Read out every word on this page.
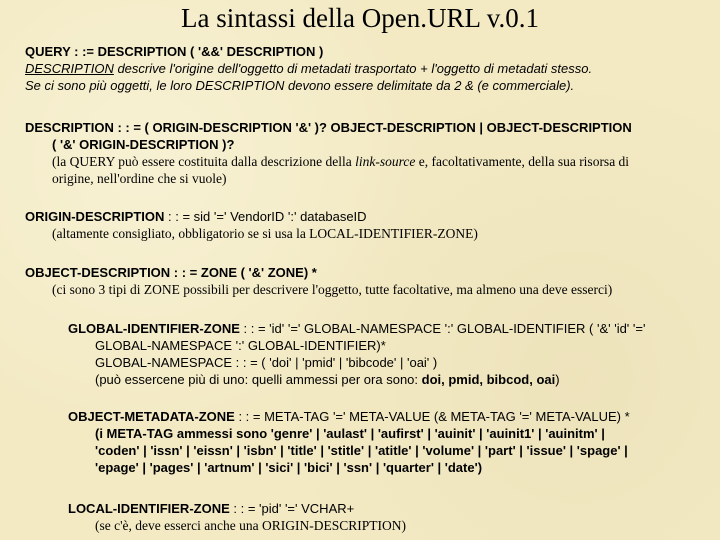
La sintassi della Open.URL v.0.1
QUERY : := DESCRIPTION ( '&&' DESCRIPTION )
DESCRIPTION descrive l'origine dell'oggetto di metadati trasportato + l'oggetto di metadati stesso.
Se ci sono più oggetti, le loro DESCRIPTION devono essere delimitate da 2 & (e commerciale).
DESCRIPTION : : = ( ORIGIN-DESCRIPTION '&' )? OBJECT-DESCRIPTION | OBJECT-DESCRIPTION
( '&' ORIGIN-DESCRIPTION )?
(la QUERY può essere costituita dalla descrizione della link-source e, facoltativamente, della sua risorsa di
origine, nell'ordine che si vuole)
ORIGIN-DESCRIPTION : : = sid '=' VendorID ':' databaseID
(altamente consigliato, obbligatorio se si usa la LOCAL-IDENTIFIER-ZONE)
OBJECT-DESCRIPTION : : = ZONE ( '&' ZONE) *
(ci sono 3 tipi di ZONE possibili per descrivere l'oggetto, tutte facoltative, ma almeno una deve esserci)
GLOBAL-IDENTIFIER-ZONE : : = 'id' '=' GLOBAL-NAMESPACE ':' GLOBAL-IDENTIFIER ( '&' 'id' '='
GLOBAL-NAMESPACE ':' GLOBAL-IDENTIFIER)*
GLOBAL-NAMESPACE : : = ( 'doi' | 'pmid' | 'bibcode' | 'oai' )
(può essercene più di uno: quelli ammessi per ora sono: doi, pmid, bibcod, oai)
OBJECT-METADATA-ZONE : : = META-TAG '=' META-VALUE (& META-TAG '=' META-VALUE) *
(i META-TAG ammessi sono 'genre' | 'aulast' | 'aufirst' | 'auinit' | 'auinit1' | 'auinitm' |
'coden' | 'issn' | 'eissn' | 'isbn' | 'title' | 'stitle' | 'atitle' | 'volume' | 'part' | 'issue' | 'spage' |
'epage' | 'pages' | 'artnum' | 'sici' | 'bici' | 'ssn' | 'quarter' | 'date')
LOCAL-IDENTIFIER-ZONE : : = 'pid' '=' VCHAR+
(se c'è, deve esserci anche una ORIGIN-DESCRIPTION)
